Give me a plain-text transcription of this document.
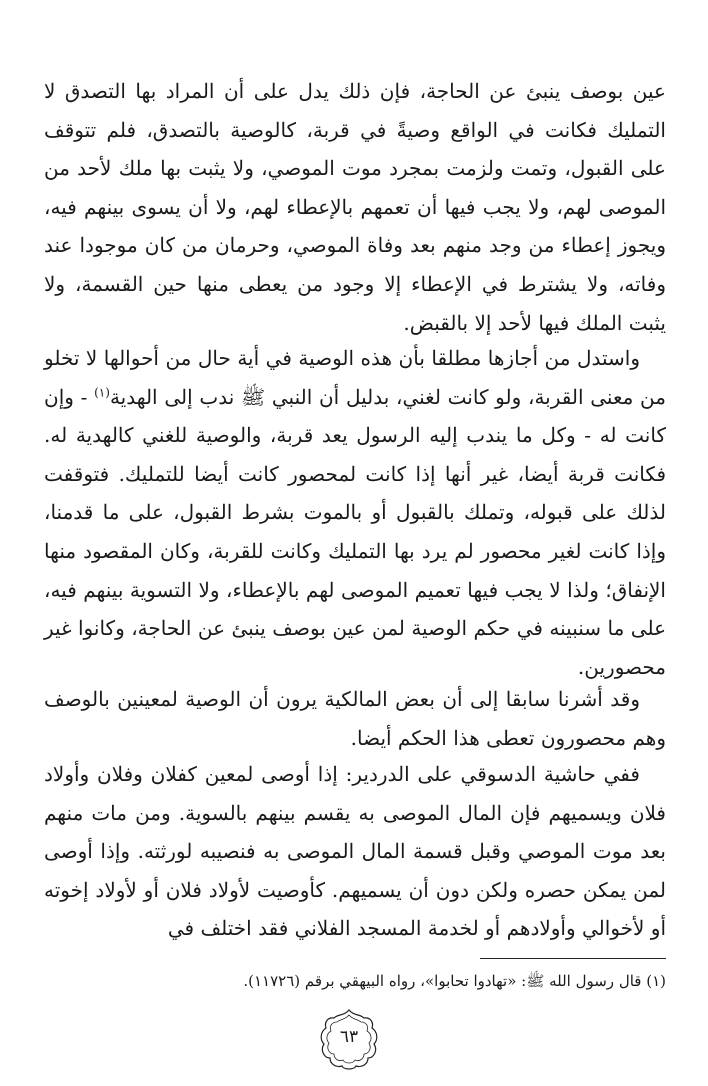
عين بوصف ينبئ عن الحاجة، فإن ذلك يدل على أن المراد بها التصدق لا التمليك فكانت في الواقع وصيةً في قربة، كالوصية بالتصدق، فلم تتوقف على القبول، وتمت ولزمت بمجرد موت الموصي، ولا يثبت بها ملك لأحد من الموصى لهم، ولا يجب فيها أن تعمهم بالإعطاء لهم، ولا أن يسوى بينهم فيه، ويجوز إعطاء من وجد منهم بعد وفاة الموصي، وحرمان من كان موجودا عند وفاته، ولا يشترط في الإعطاء إلا وجود من يعطى منها حين القسمة، ولا يثبت الملك فيها لأحد إلا بالقبض.

واستدل من أجازها مطلقا بأن هذه الوصية في أية حال من أحوالها لا تخلو من معنى القربة، ولو كانت لغني، بدليل أن النبي ﷺ ندب إلى الهدية$^{(١)}$ - وإن كانت له - وكل ما يندب إليه الرسول يعد قربة، والوصية للغني كالهدية له. فكانت قربة أيضا، غير أنها إذا كانت لمحصور كانت أيضا للتمليك. فتوقفت لذلك على قبوله، وتملك بالقبول أو بالموت بشرط القبول، على ما قدمنا، وإذا كانت لغير محصور لم يرد بها التمليك وكانت للقربة، وكان المقصود منها الإنفاق؛ ولذا لا يجب فيها تعميم الموصى لهم بالإعطاء، ولا التسوية بينهم فيه، على ما سنبينه في حكم الوصية لمن عين بوصف ينبئ عن الحاجة، وكانوا غير محصورين.

وقد أشرنا سابقا إلى أن بعض المالكية يرون أن الوصية لمعينين بالوصف وهم محصورون تعطى هذا الحكم أيضا.

ففي حاشية الدسوقي على الدردير: إذا أوصى لمعين كفلان وفلان وأولاد فلان ويسميهم فإن المال الموصى به يقسم بينهم بالسوية. ومن مات منهم بعد موت الموصي وقبل قسمة المال الموصى به فنصيبه لورثته. وإذا أوصى لمن يمكن حصره ولكن دون أن يسميهم. كأوصيت لأولاد فلان أو لأولاد إخوته أو لأخوالي وأولادهم أو لخدمة المسجد الفلاني فقد اختلف في

(١) قال رسول الله ﷺ: «تهادوا تحابوا»، رواه البيهقي برقم (١١٧٢٦).

٦٣
